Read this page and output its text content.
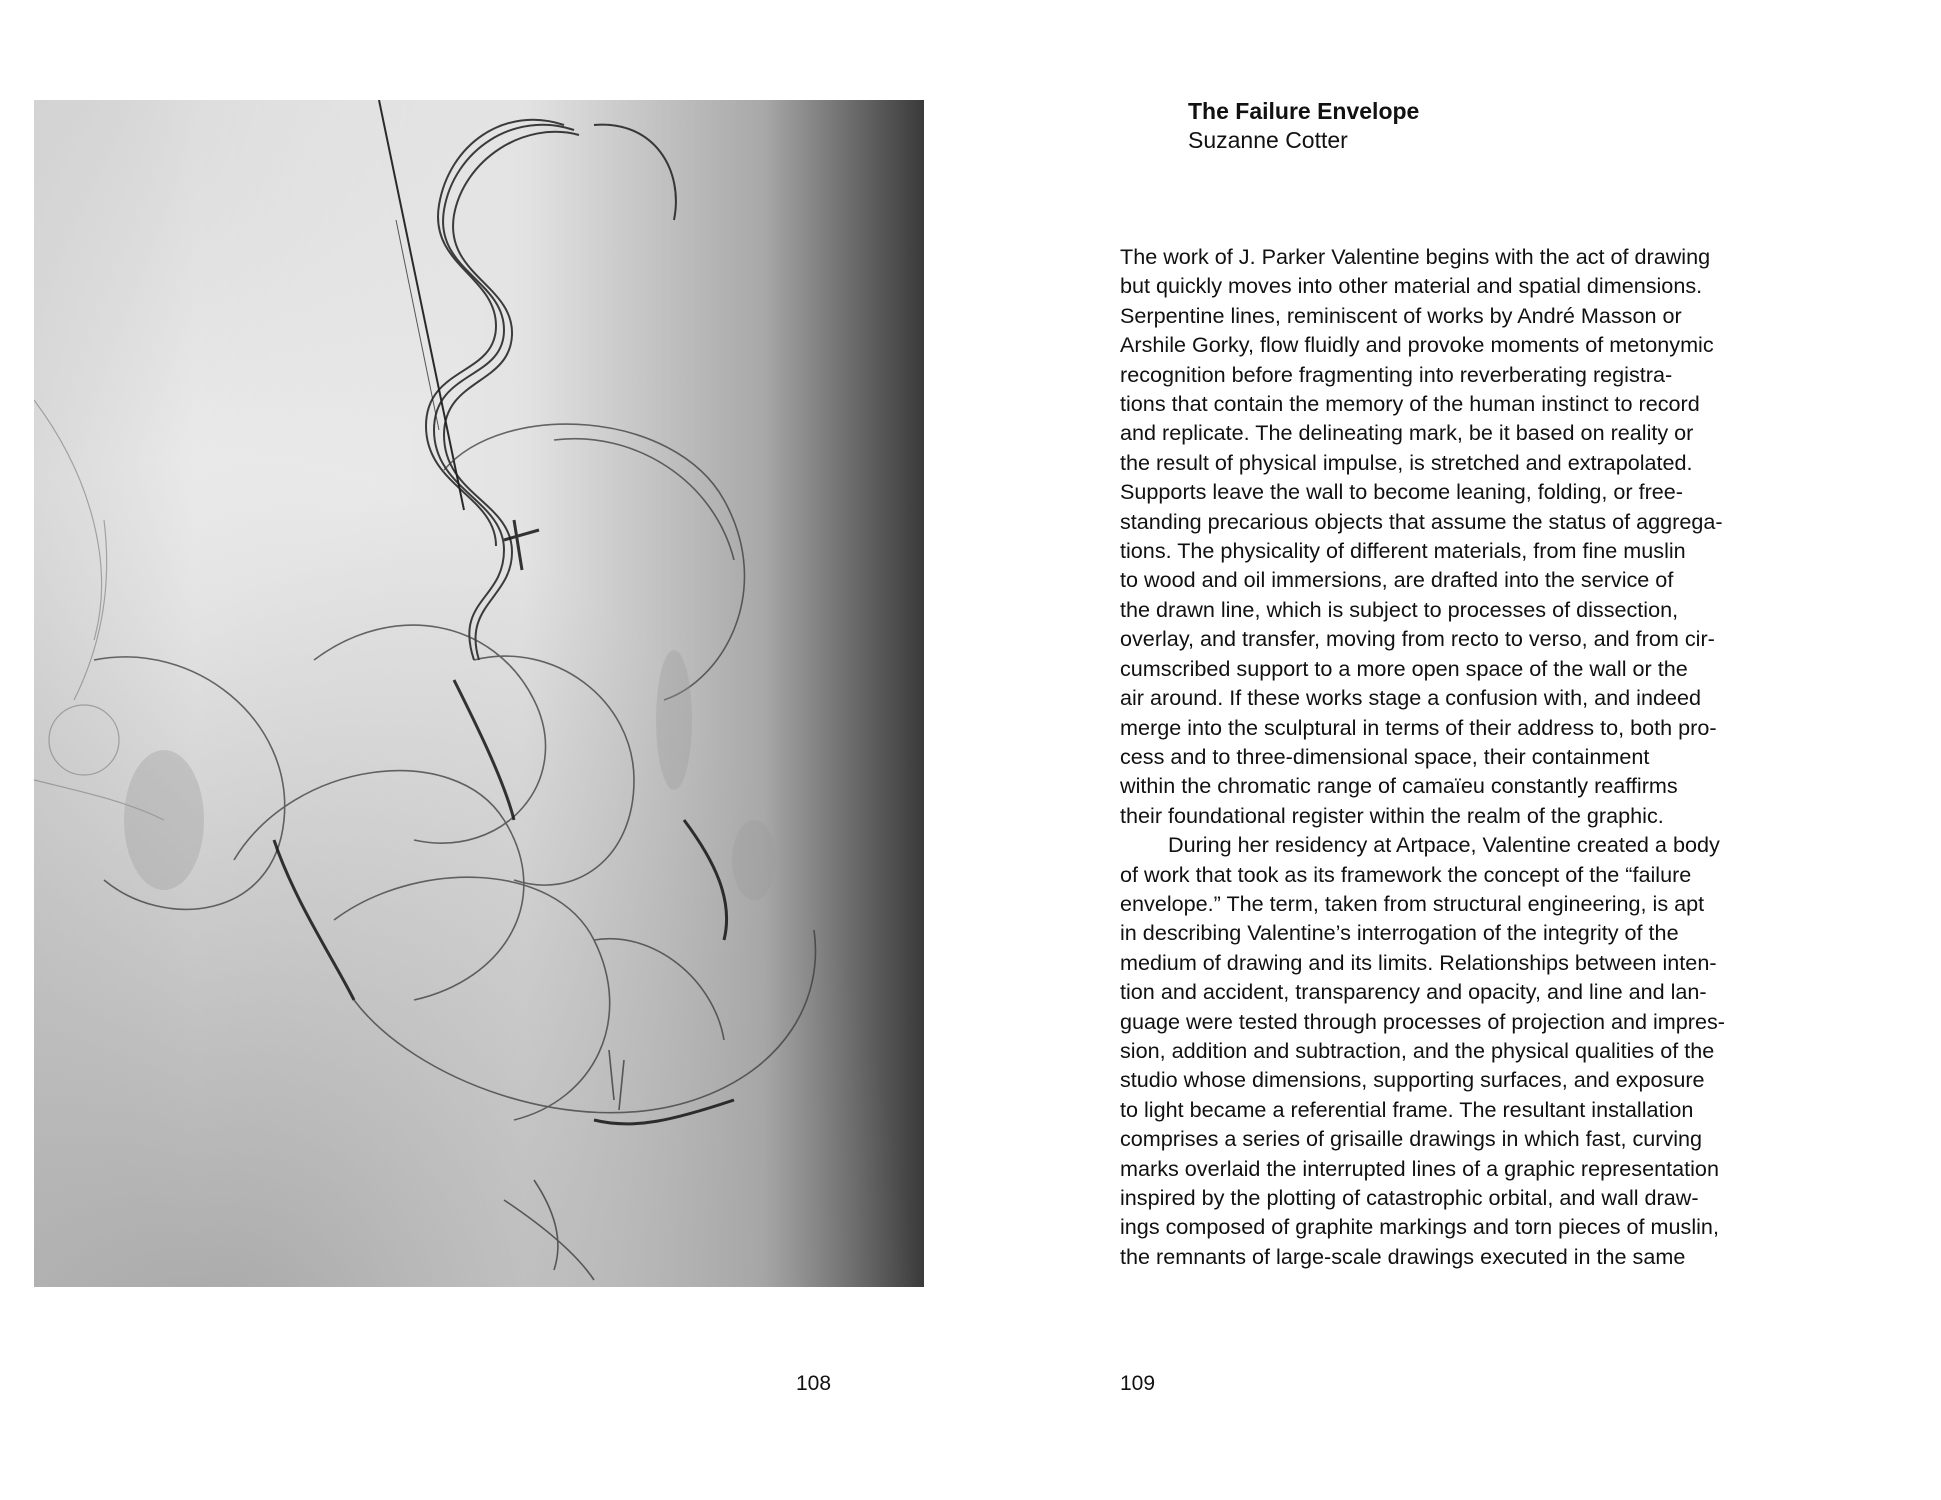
108

The Failure Envelope

Suzanne Cotter

The work of J. Parker Valentine begins with the act of drawing
but quickly moves into other material and spatial dimensions.
Serpentine lines, reminiscent of works by André Masson or
Arshile Gorky, flow fluidly and provoke moments of metonymic
recognition before fragmenting into reverberating registra-
tions that contain the memory of the human instinct to record
and replicate. The delineating mark, be it based on reality or
the result of physical impulse, is stretched and extrapolated.
Supports leave the wall to become leaning, folding, or free-
standing precarious objects that assume the status of aggrega-
tions. The physicality of different materials, from fine muslin
to wood and oil immersions, are drafted into the service of
the drawn line, which is subject to processes of dissection,
overlay, and transfer, moving from recto to verso, and from cir-
cumscribed support to a more open space of the wall or the
air around. If these works stage a confusion with, and indeed
merge into the sculptural in terms of their address to, both pro-
cess and to three-dimensional space, their containment
within the chromatic range of camaïeu constantly reaffirms
their foundational register within the realm of the graphic.

During her residency at Artpace, Valentine created a body
of work that took as its framework the concept of the “failure
envelope.” The term, taken from structural engineering, is apt
in describing Valentine’s interrogation of the integrity of the
medium of drawing and its limits. Relationships between inten-
tion and accident, transparency and opacity, and line and lan-
guage were tested through processes of projection and impres-
sion, addition and subtraction, and the physical qualities of the
studio whose dimensions, supporting surfaces, and exposure
to light became a referential frame. The resultant installation
comprises a series of grisaille drawings in which fast, curving
marks overlaid the interrupted lines of a graphic representation
inspired by the plotting of catastrophic orbital, and wall draw-
ings composed of graphite markings and torn pieces of muslin,
the remnants of large-scale drawings executed in the same

109
